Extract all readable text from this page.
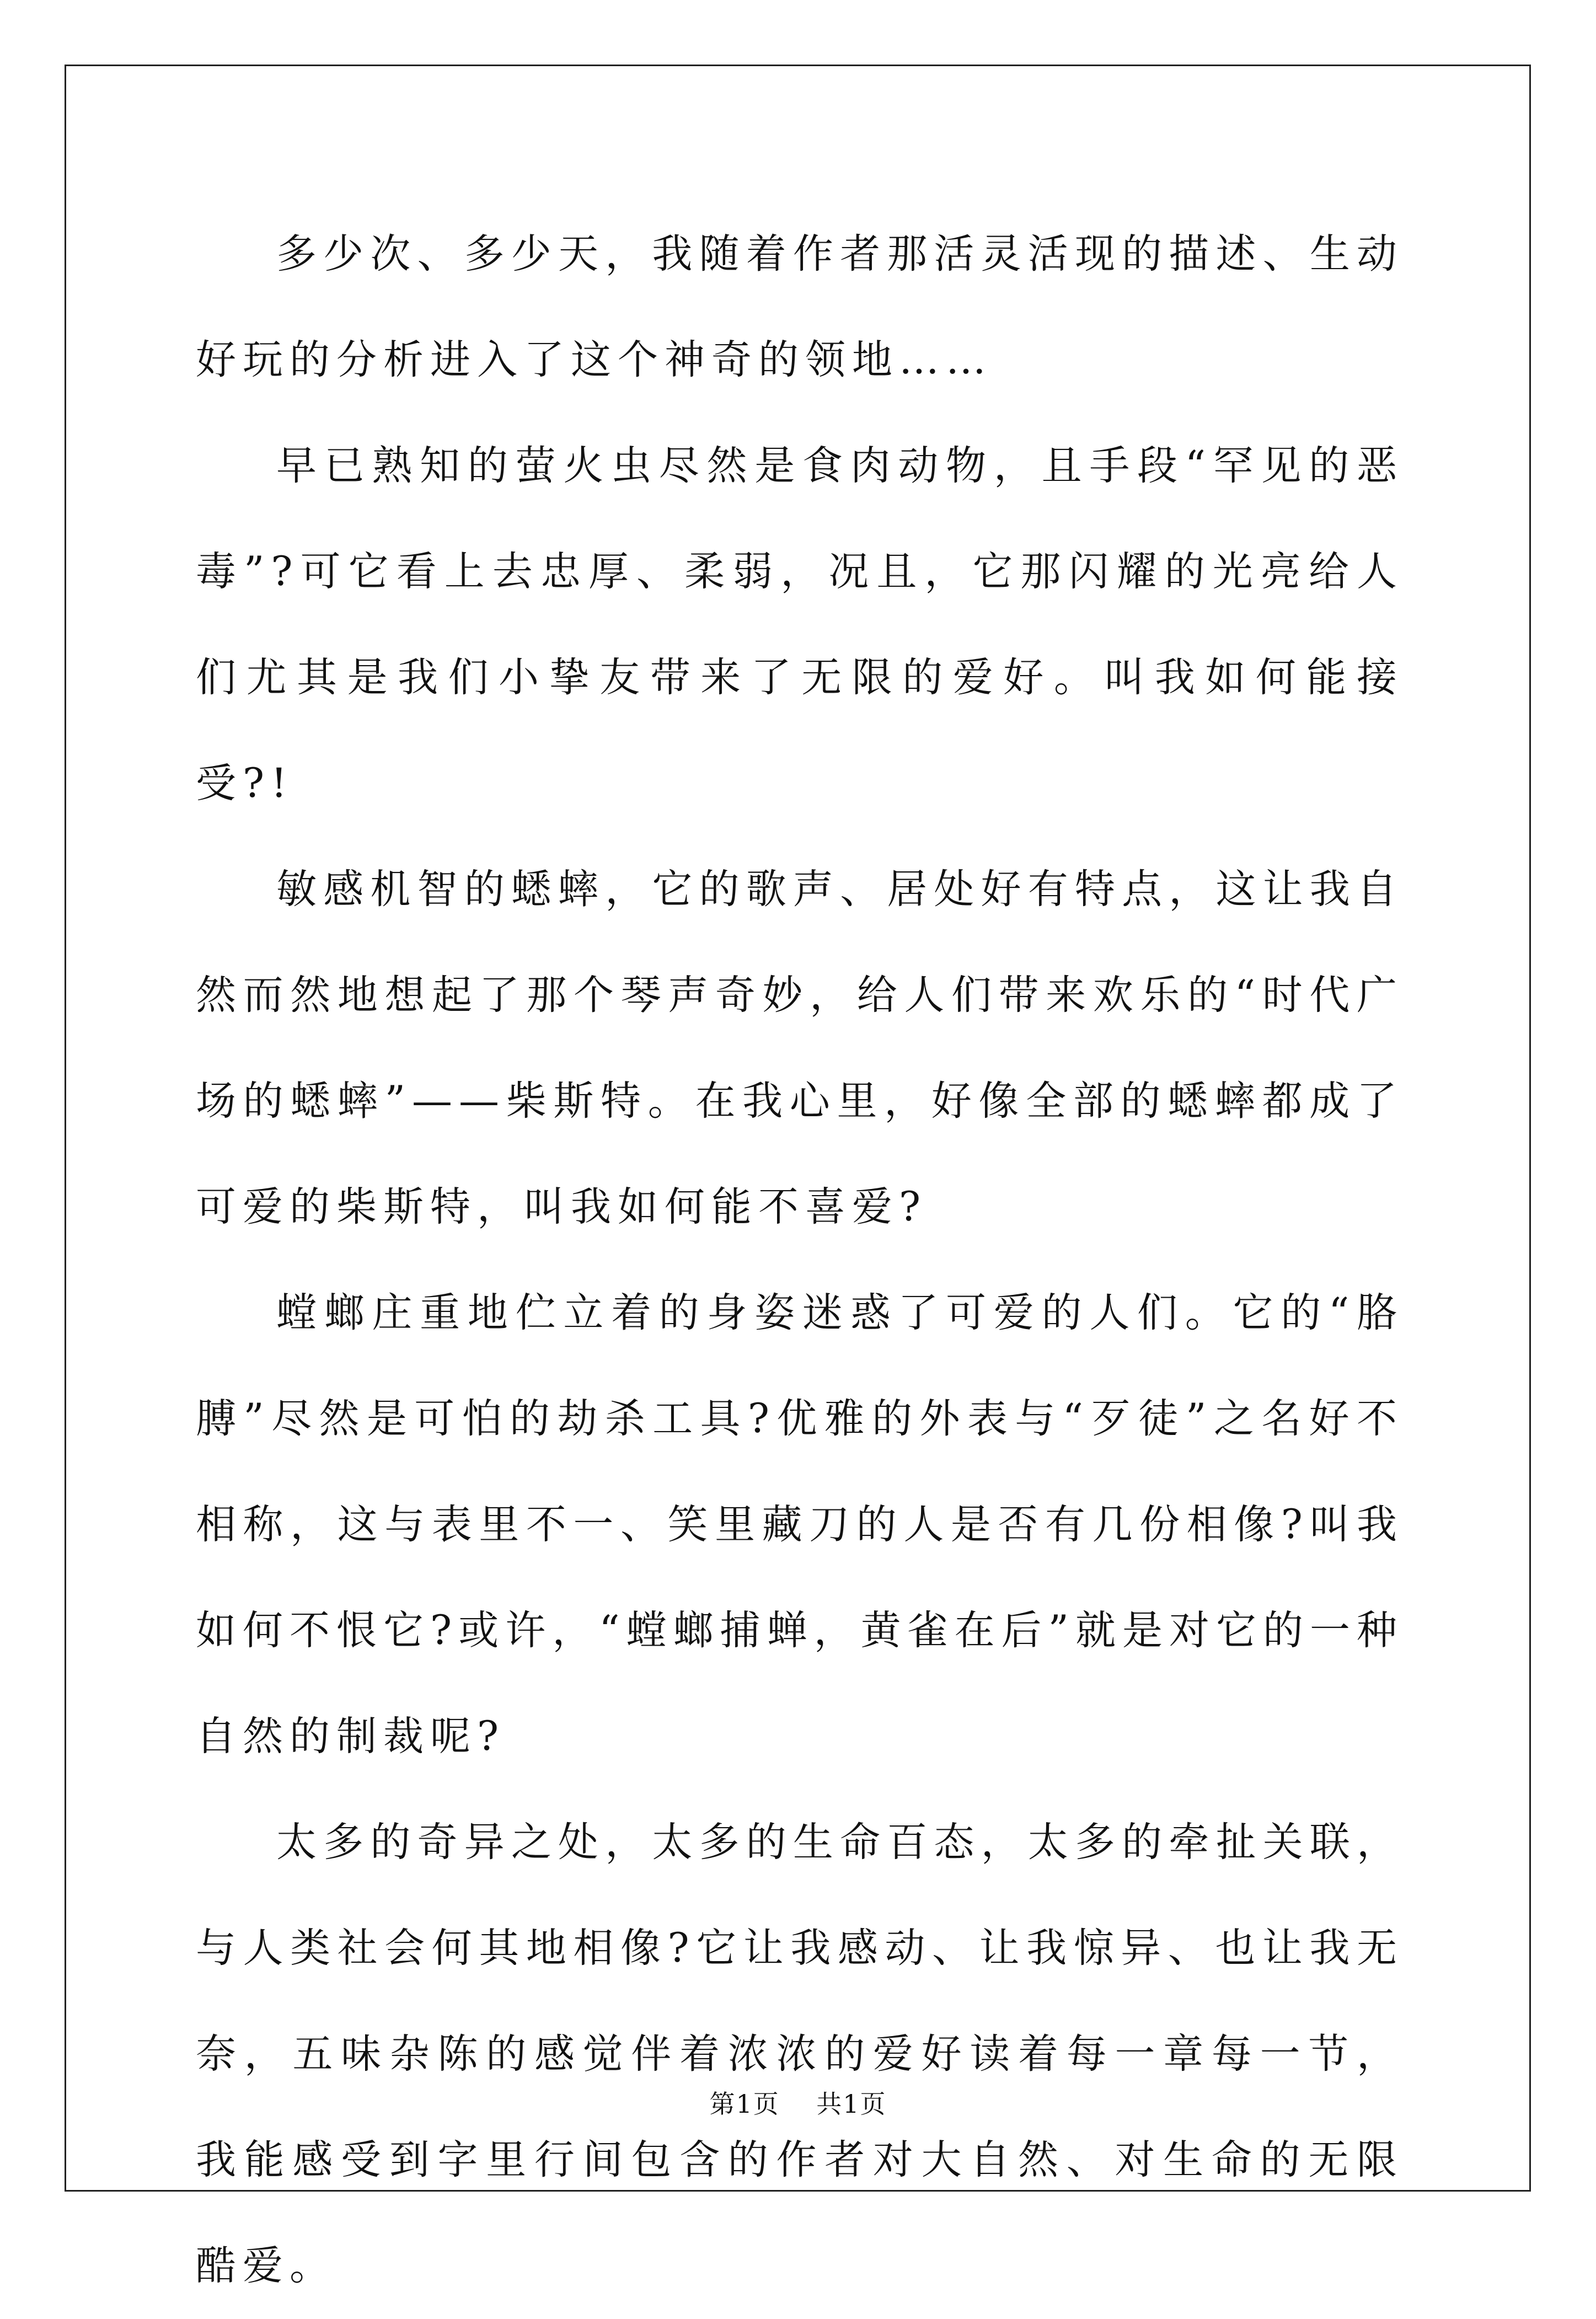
多少次、多少天，我随着作者那活灵活现的描述、生动好玩的分析进入了这个神奇的领地……

早已熟知的萤火虫尽然是食肉动物，且手段“罕见的恶毒”?可它看上去忠厚、柔弱，况且，它那闪耀的光亮给人们尤其是我们小挚友带来了无限的爱好。叫我如何能接受?!

敏感机智的蟋蟀，它的歌声、居处好有特点，这让我自然而然地想起了那个琴声奇妙，给人们带来欢乐的“时代广场的蟋蟀”——柴斯特。在我心里，好像全部的蟋蟀都成了可爱的柴斯特，叫我如何能不喜爱?

螳螂庄重地伫立着的身姿迷惑了可爱的人们。它的“胳膊”尽然是可怕的劫杀工具?优雅的外表与“歹徒”之名好不相称，这与表里不一、笑里藏刀的人是否有几份相像?叫我如何不恨它?或许，“螳螂捕蝉，黄雀在后”就是对它的一种自然的制裁呢?

太多的奇异之处，太多的生命百态，太多的牵扯关联，与人类社会何其地相像?它让我感动、让我惊异、也让我无奈，五味杂陈的感觉伴着浓浓的爱好读着每一章每一节，我能感受到字里行间包含的作者对大自然、对生命的无限酷爱。

第1页 共1页
